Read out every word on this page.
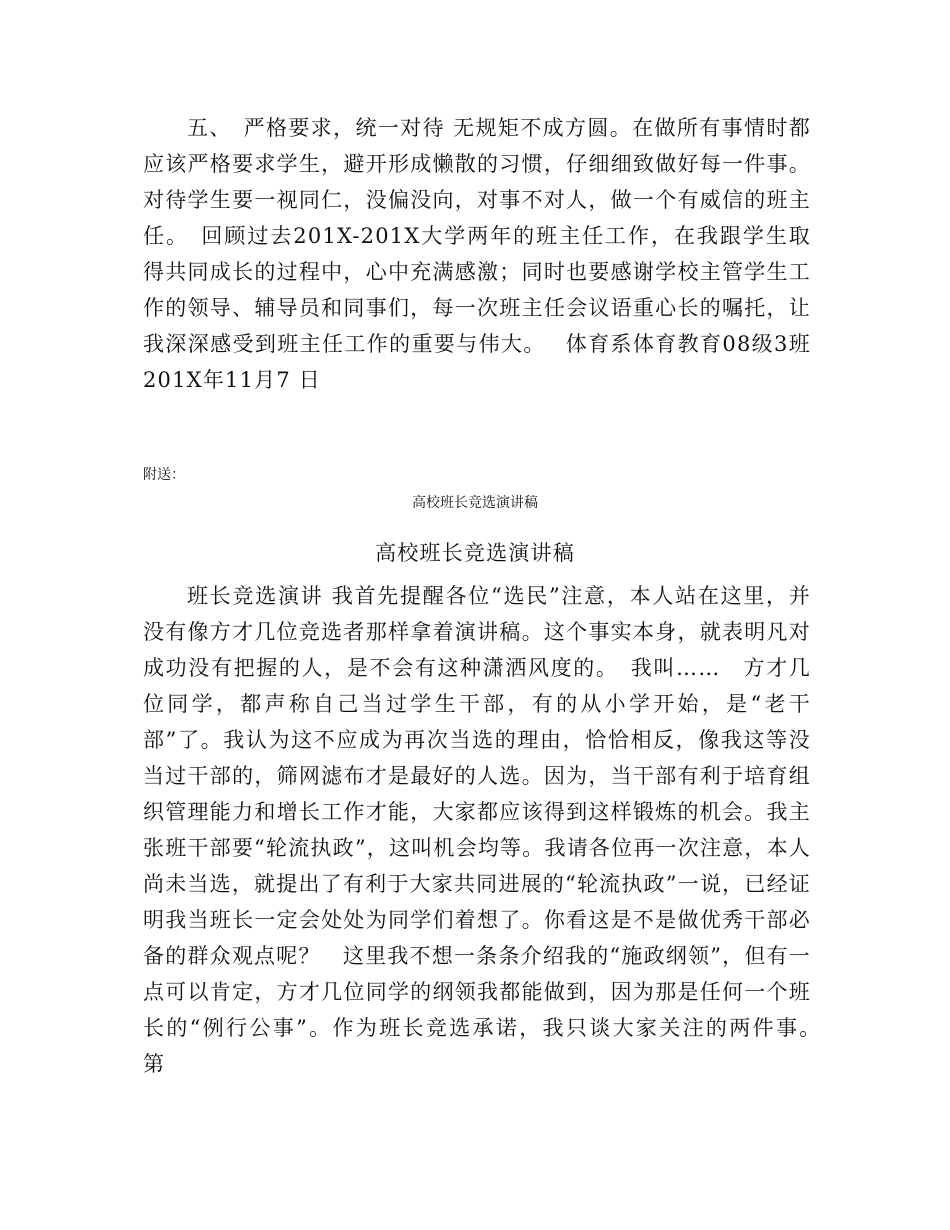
五、　严格要求，统一对待 无规矩不成方圆。在做所有事情时都应该严格要求学生，避开形成懒散的习惯，仔细细致做好每一件事。对待学生要一视同仁，没偏没向，对事不对人，做一个有威信的班主任。　回顾过去201X-201X大学两年的班主任工作，在我跟学生取得共同成长的过程中，心中充满感激；同时也要感谢学校主管学生工作的领导、辅导员和同事们，每一次班主任会议语重心长的嘱托，让我深深感受到班主任工作的重要与伟大。　 体育系体育教育08级3班 201X年11月7 日

附送：

高校班长竞选演讲稿

高校班长竞选演讲稿

班长竞选演讲 我首先提醒各位“选民”注意，本人站在这里，并没有像方才几位竞选者那样拿着演讲稿。这个事实本身，就表明凡对成功没有把握的人，是不会有这种潇洒风度的。　我叫……　方才几位同学，都声称自己当过学生干部，有的从小学开始，是“老干部”了。我认为这不应成为再次当选的理由，恰恰相反，像我这等没当过干部的，筛网滤布才是最好的人选。因为，当干部有利于培育组织管理能力和增长工作才能，大家都应该得到这样锻炼的机会。我主张班干部要“轮流执政”，这叫机会均等。我请各位再一次注意，本人尚未当选，就提出了有利于大家共同进展的“轮流执政”一说，已经证明我当班长一定会处处为同学们着想了。你看这是不是做优秀干部必备的群众观点呢？　这里我不想一条条介绍我的“施政纲领”，但有一点可以肯定，方才几位同学的纲领我都能做到，因为那是任何一个班长的“例行公事”。作为班长竞选承诺，我只谈大家关注的两件事。　第
